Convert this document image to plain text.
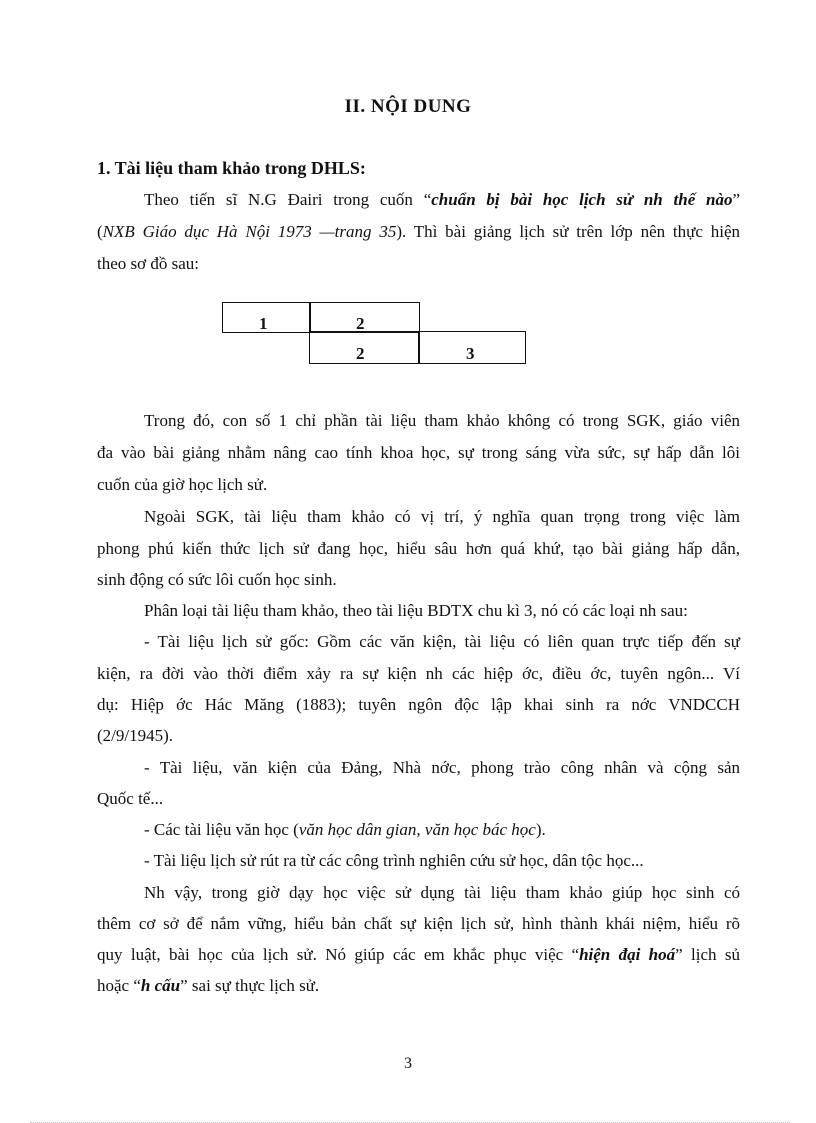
II. NỘI DUNG
1. Tài liệu tham khảo trong DHLS:
Theo tiến sĩ N.G Đairi trong cuốn “chuẩn bị bài học lịch sử nh thế nào”
(NXB Giáo dục Hà Nội 1973 —trang 35). Thì bài giảng lịch sử trên lớp nên thực hiện
theo sơ đồ sau:
1	2
2	3
Trong đó, con số 1 chỉ phần tài liệu tham khảo không có trong SGK, giáo viên
đa vào bài giảng nhằm nâng cao tính khoa học, sự trong sáng vừa sức, sự hấp dẫn lôi
cuốn của giờ học lịch sử.
Ngoài SGK, tài liệu tham khảo có vị trí, ý nghĩa quan trọng trong việc làm
phong phú kiến thức lịch sử đang học, hiểu sâu hơn quá khứ, tạo bài giảng hấp dẫn,
sinh động có sức lôi cuốn học sinh.
Phân loại tài liệu tham khảo, theo tài liệu BDTX chu kì 3, nó có các loại nh sau:
- Tài liệu lịch sử gốc: Gồm các văn kiện, tài liệu có liên quan trực tiếp đến sự
kiện, ra đời vào thời điểm xảy ra sự kiện nh các hiệp ớc, điều ớc, tuyên ngôn... Ví
dụ: Hiệp ớc Hác Măng (1883); tuyên ngôn độc lập khai sinh ra nớc VNDCCH
(2/9/1945).
- Tài liệu, văn kiện của Đảng, Nhà nớc, phong trào công nhân và cộng sản
Quốc tế...
- Các tài liệu văn học (văn học dân gian, văn học bác học).
- Tài liệu lịch sử rút ra từ các công trình nghiên cứu sử học, dân tộc học...
Nh vậy, trong giờ dạy học việc sử dụng tài liệu tham khảo giúp học sinh có
thêm cơ sở để nắm vững, hiểu bản chất sự kiện lịch sử, hình thành khái niệm, hiểu rõ
quy luật, bài học của lịch sử. Nó giúp các em khắc phục việc “hiện đại hoá” lịch sủ
hoặc “h cấu” sai sự thực lịch sử.
3
